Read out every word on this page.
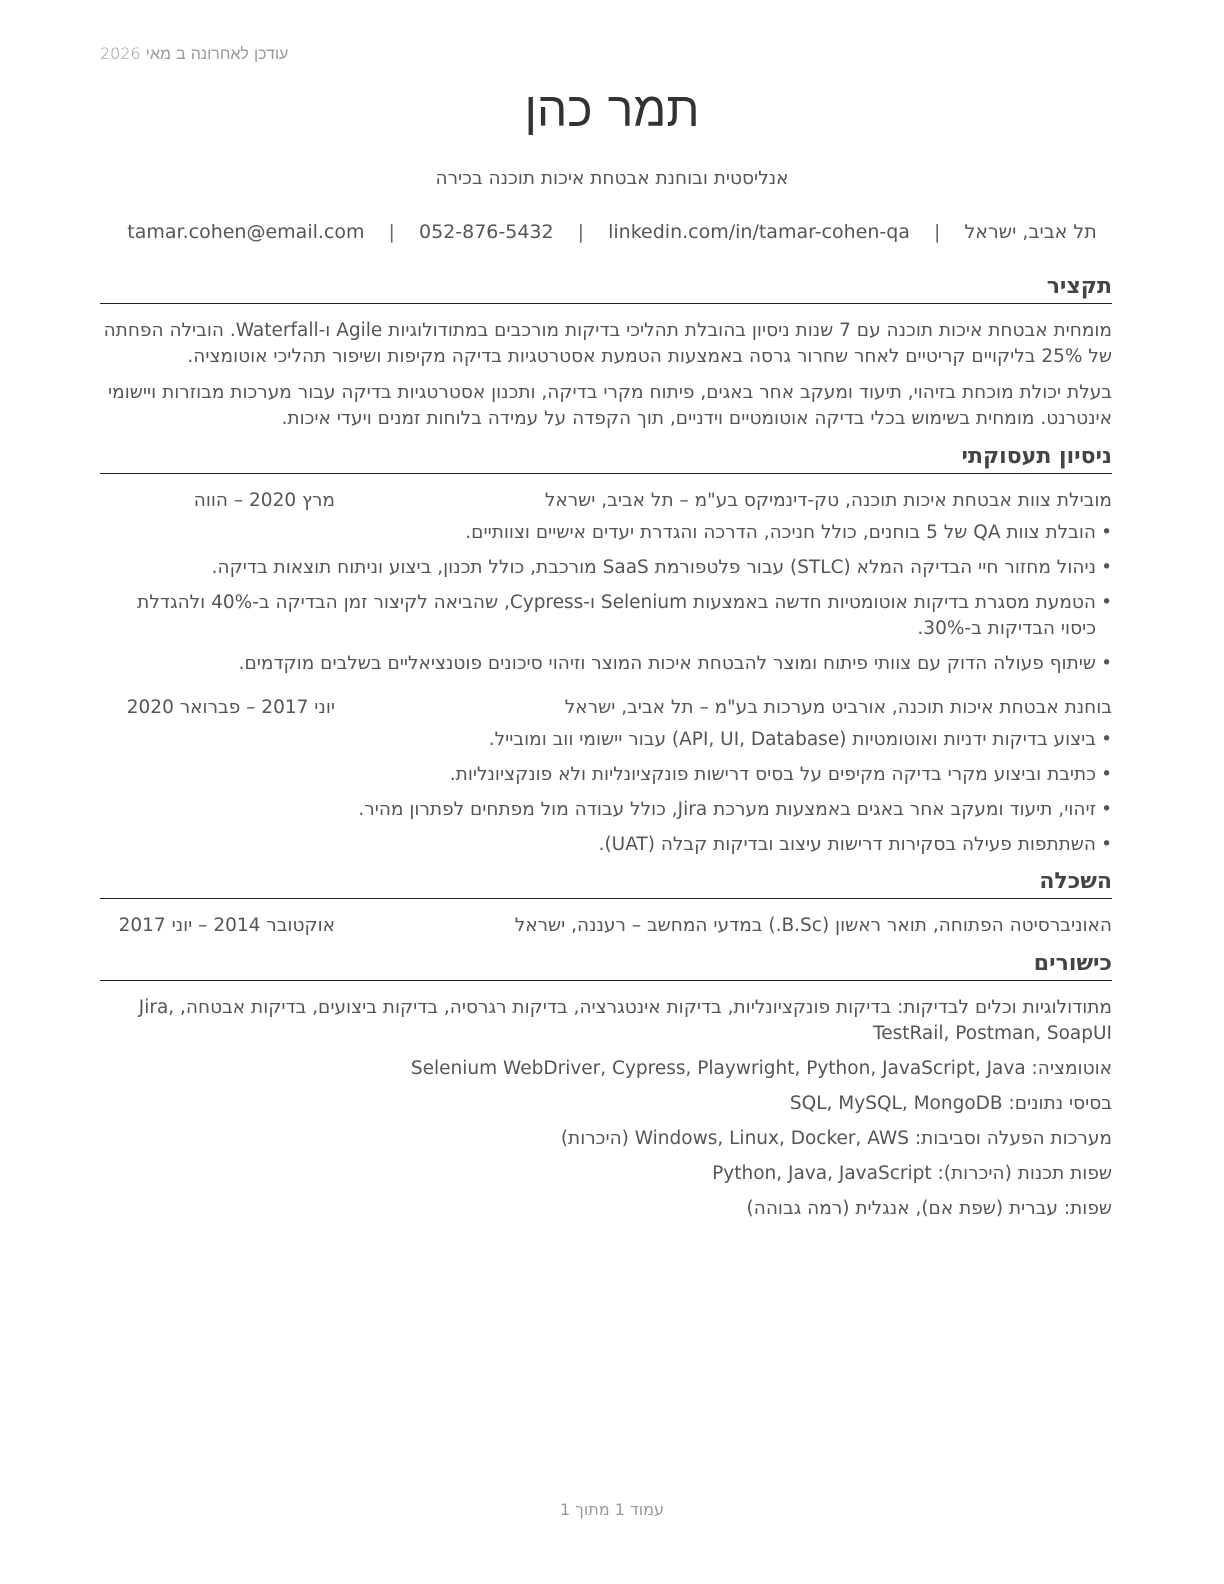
עודכן לאחרונה ב מאי 2026
תמר כהן
אנליסטית ובוחנת אבטחת איכות תוכנה בכירה
תל אביב, ישראל | tamar.cohen@email.com | 052-876-5432 | linkedin.com/in/tamar-cohen-qa
תקציר

מומחית אבטחת איכות תוכנה עם 7 שנות ניסיון בהובלת תהליכי בדיקות מורכבים במתודולוגיות Agile ו-Waterfall. הובילה הפחתה של 25% בליקויים קריטיים לאחר שחרור גרסה באמצעות הטמעת אסטרטגיות בדיקה מקיפות ושיפור תהליכי אוטומציה.

בעלת יכולת מוכחת בזיהוי, תיעוד ומעקב אחר באגים, פיתוח מקרי בדיקה, ותכנון אסטרטגיות בדיקה עבור מערכות מבוזרות ויישומי אינטרנט. מומחית בשימוש בכלי בדיקה אוטומטיים וידניים, תוך הקפדה על עמידה בלוחות זמנים ויעדי איכות.

ניסיון תעסוקתי
מובילת צוות אבטחת איכות תוכנה, טק-דינמיקס בע"מ – תל אביב, ישראל
מרץ 2020 – הווה
• הובלת צוות QA של 5 בוחנים, כולל חניכה, הדרכה והגדרת יעדים אישיים וצוותיים.
• ניהול מחזור חיי הבדיקה המלא (STLC) עבור פלטפורמת SaaS מורכבת, כולל תכנון, ביצוע וניתוח תוצאות בדיקה.
• הטמעת מסגרת בדיקות אוטומטיות חדשה באמצעות Selenium ו-Cypress, שהביאה לקיצור זמן הבדיקה ב-40% ולהגדלת כיסוי הבדיקות ב-30%.
• שיתוף פעולה הדוק עם צוותי פיתוח ומוצר להבטחת איכות המוצר וזיהוי סיכונים פוטנציאליים בשלבים מוקדמים.
בוחנת אבטחת איכות תוכנה, אורביט מערכות בע"מ – תל אביב, ישראל
יוני 2017 – פברואר 2020
• ביצוע בדיקות ידניות ואוטומטיות (API, UI, Database) עבור יישומי ווב ומובייל.
• כתיבת וביצוע מקרי בדיקה מקיפים על בסיס דרישות פונקציונליות ולא פונקציונליות.
• זיהוי, תיעוד ומעקב אחר באגים באמצעות מערכת Jira, כולל עבודה מול מפתחים לפתרון מהיר.
• השתתפות פעילה בסקירות דרישות עיצוב ובדיקות קבלה (UAT).
השכלה
האוניברסיטה הפתוחה, תואר ראשון (B.Sc.) במדעי המחשב – רעננה, ישראל
אוקטובר 2014 – יוני 2017
כישורים

מתודולוגיות וכלים לבדיקות: בדיקות פונקציונליות, בדיקות אינטגרציה, בדיקות רגרסיה, בדיקות ביצועים, בדיקות אבטחה, Jira, TestRail, Postman, SoapUI

אוטומציה: Selenium WebDriver, Cypress, Playwright, Python, JavaScript, Java

בסיסי נתונים: SQL, MySQL, MongoDB

מערכות הפעלה וסביבות: Windows, Linux, Docker, AWS (היכרות)

שפות תכנות (היכרות): Python, Java, JavaScript

שפות: עברית (שפת אם), אנגלית (רמה גבוהה)

עמוד 1 מתוך 1
